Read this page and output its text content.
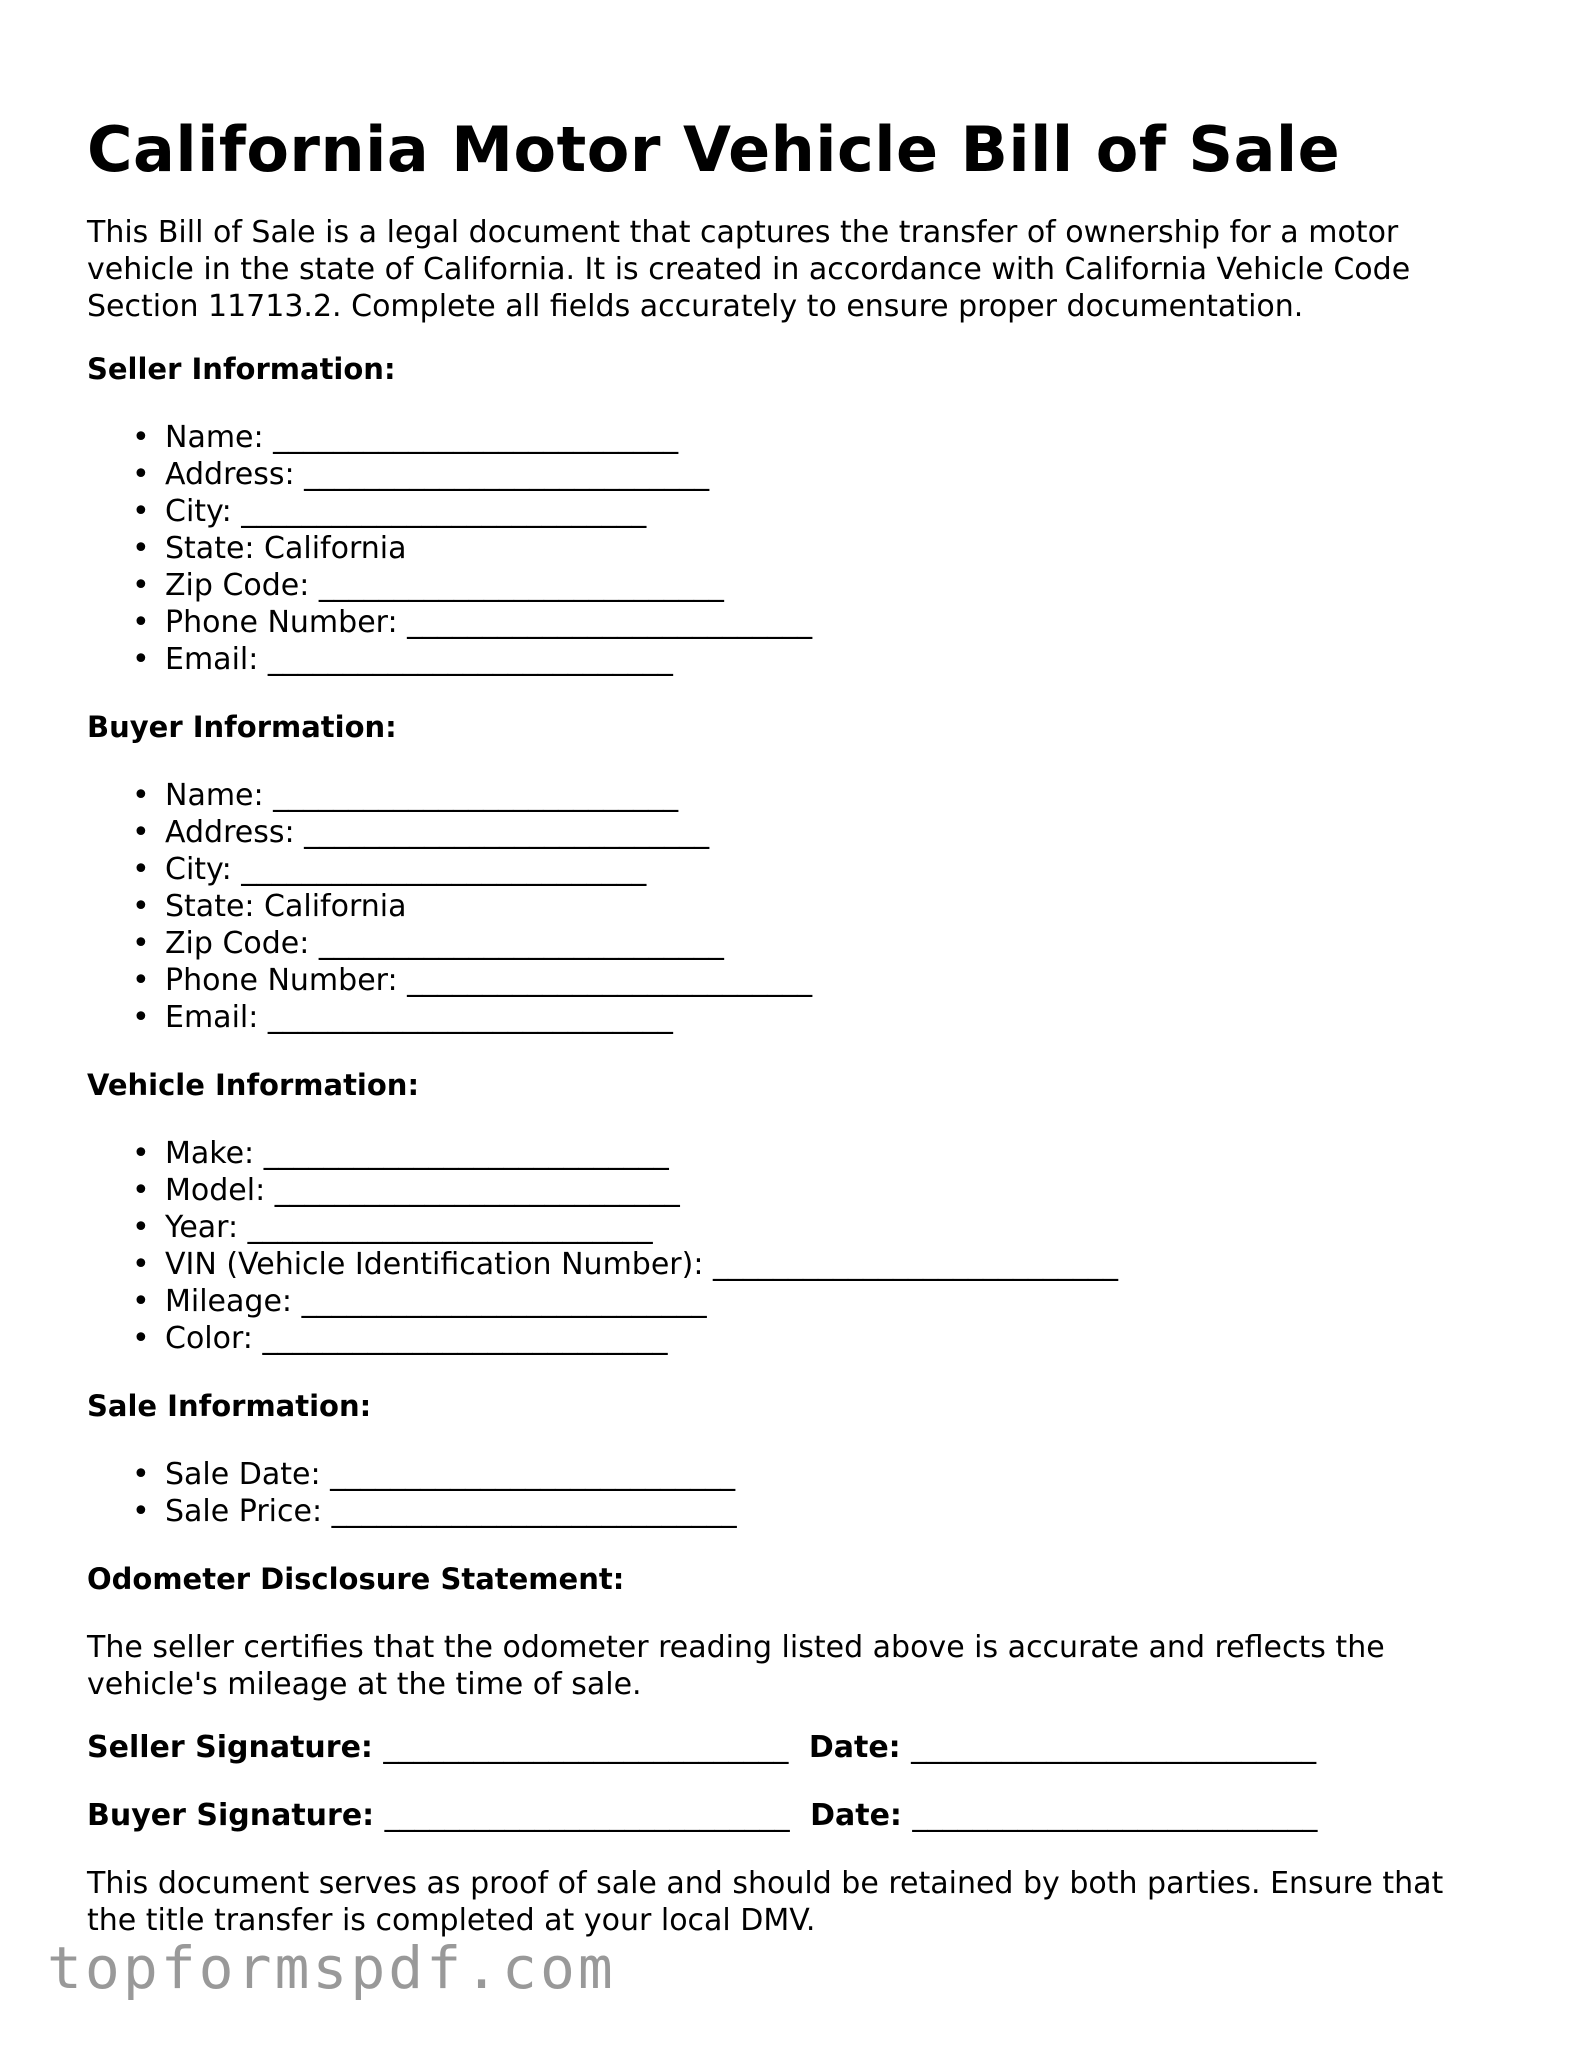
California Motor Vehicle Bill of Sale

This Bill of Sale is a legal document that captures the transfer of ownership for a motor vehicle in the state of California. It is created in accordance with California Vehicle Code Section 11713.2. Complete all fields accurately to ensure proper documentation.

Seller Information:
• Name: ___________________________
• Address: ___________________________
• City: ___________________________
• State: California
• Zip Code: ___________________________
• Phone Number: ___________________________
• Email: ___________________________
Buyer Information:
• Name: ___________________________
• Address: ___________________________
• City: ___________________________
• State: California
• Zip Code: ___________________________
• Phone Number: ___________________________
• Email: ___________________________
Vehicle Information:
• Make: ___________________________
• Model: ___________________________
• Year: ___________________________
• VIN (Vehicle Identification Number): ___________________________
• Mileage: ___________________________
• Color: ___________________________
Sale Information:
• Sale Date: ___________________________
• Sale Price: ___________________________
Odometer Disclosure Statement:

The seller certifies that the odometer reading listed above is accurate and reflects the vehicle's mileage at the time of sale.

Seller Signature: ___________________________ Date: ___________________________
Buyer Signature: ___________________________ Date: ___________________________

This document serves as proof of sale and should be retained by both parties. Ensure that the title transfer is completed at your local DMV.

topformspdf.com
